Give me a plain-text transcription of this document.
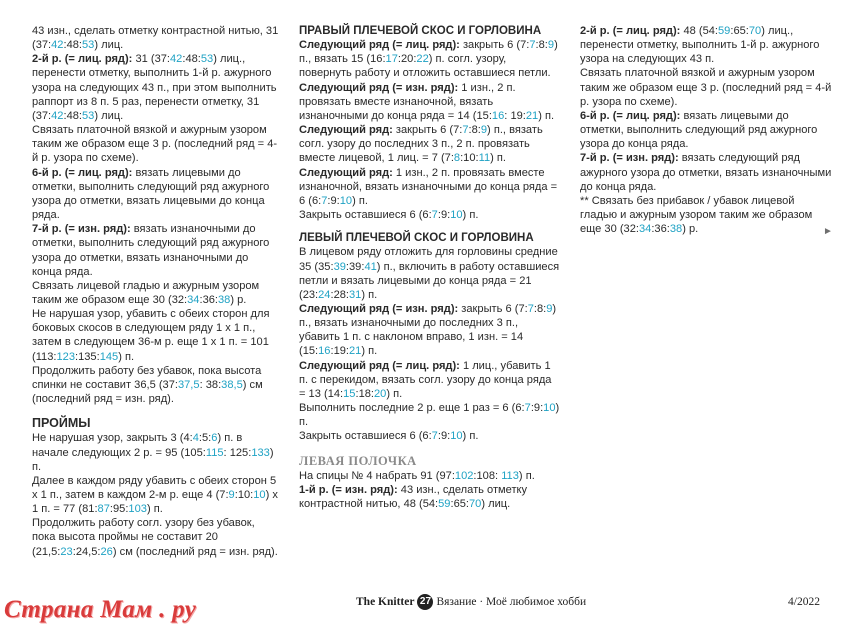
43 изн., сделать отметку контрастной нитью, 31 (37:42:48:53) лиц.
2-й р. (= лиц. ряд): 31 (37:42:48:53) лиц., перенести отметку, выполнить 1-й р. ажурного узора на следующих 43 п., при этом выполнить раппорт из 8 п. 5 раз, перенести отметку, 31 (37:42:48:53) лиц.
Связать платочной вязкой и ажурным узором таким же образом еще 3 р. (последний ряд = 4-й р. узора по схеме).
6-й р. (= лиц. ряд): вязать лицевыми до отметки, выполнить следующий ряд ажурного узора до отметки, вязать лицевыми до конца ряда.
7-й р. (= изн. ряд): вязать изнаночными до отметки, выполнить следующий ряд ажурного узора до отметки, вязать изнаночными до конца ряда.
Связать лицевой гладью и ажурным узором таким же образом еще 30 (32:34:36:38) р.
Не нарушая узор, убавить с обеих сторон для боковых скосов в следующем ряду 1 х 1 п., затем в следующем 36-м р. еще 1 х 1 п. = 101 (113:123:135:145) п.
Продолжить работу без убавок, пока высота спинки не составит 36,5 (37:37,5: 38:38,5) см (последний ряд = изн. ряд).
ПРОЙМЫ
Не нарушая узор, закрыть 3 (4:4:5:6) п. в начале следующих 2 р. = 95 (105:115: 125:133) п.
Далее в каждом ряду убавить с обеих сторон 5 х 1 п., затем в каждом 2-м р. еще 4 (7:9:10:10) х 1 п. = 77 (81:87:95:103) п.
Продолжить работу согл. узору без убавок, пока высота проймы не составит 20 (21,5:23:24,5:26) см (последний ряд = изн. ряд).
ПРАВЫЙ ПЛЕЧЕВОЙ СКОС И ГОРЛОВИНА
Следующий ряд (= лиц. ряд): закрыть 6 (7:7:8:9) п., вязать 15 (16:17:20:22) п. согл. узору, повернуть работу и отложить оставшиеся петли.
Следующий ряд (= изн. ряд): 1 изн., 2 п. провязать вместе изнаночной, вязать изнаночными до конца ряда = 14 (15:16: 19:21) п.
Следующий ряд: закрыть 6 (7:7:8:9) п., вязать согл. узору до последних 3 п., 2 п. провязать вместе лицевой, 1 лиц. = 7 (7:8:10:11) п.
Следующий ряд: 1 изн., 2 п. провязать вместе изнаночной, вязать изнаночными до конца ряда = 6 (6:7:9:10) п.
Закрыть оставшиеся 6 (6:7:9:10) п.
ЛЕВЫЙ ПЛЕЧЕВОЙ СКОС И ГОРЛОВИНА
В лицевом ряду отложить для горловины средние 35 (35:39:39:41) п., включить в работу оставшиеся петли и вязать лицевыми до конца ряда = 21 (23:24:28:31) п.
Следующий ряд (= изн. ряд): закрыть 6 (7:7:8:9) п., вязать изнаночными до последних 3 п., убавить 1 п. с наклоном вправо, 1 изн. = 14 (15:16:19:21) п.
Следующий ряд (= лиц. ряд): 1 лиц., убавить 1 п. с перекидом, вязать согл. узору до конца ряда = 13 (14:15:18:20) п.
Выполнить последние 2 р. еще 1 раз = 6 (6:7:9:10) п.
Закрыть оставшиеся 6 (6:7:9:10) п.
ЛЕВАЯ ПОЛОЧКА
На спицы № 4 набрать 91 (97:102:108: 113) п.
1-й р. (= изн. ряд): 43 изн., сделать отметку контрастной нитью, 48 (54:59:65:70) лиц.
2-й р. (= лиц. ряд): 48 (54:59:65:70) лиц., перенести отметку, выполнить 1-й р. ажурного узора на следующих 43 п.
Связать платочной вязкой и ажурным узором таким же образом еще 3 р. (последний ряд = 4-й р. узора по схеме).
6-й р. (= лиц. ряд): вязать лицевыми до отметки, выполнить следующий ряд ажурного узора до конца ряда.
7-й р. (= изн. ряд): вязать следующий ряд ажурного узора до отметки, вязать изнаночными до конца ряда.
** Связать без прибавок / убавок лицевой гладью и ажурным узором таким же образом еще 30 (32:34:36:38) р.	►
Страна Мам . ру	The Knitter 27 Вязание · Моё любимое хобби	4/2022
